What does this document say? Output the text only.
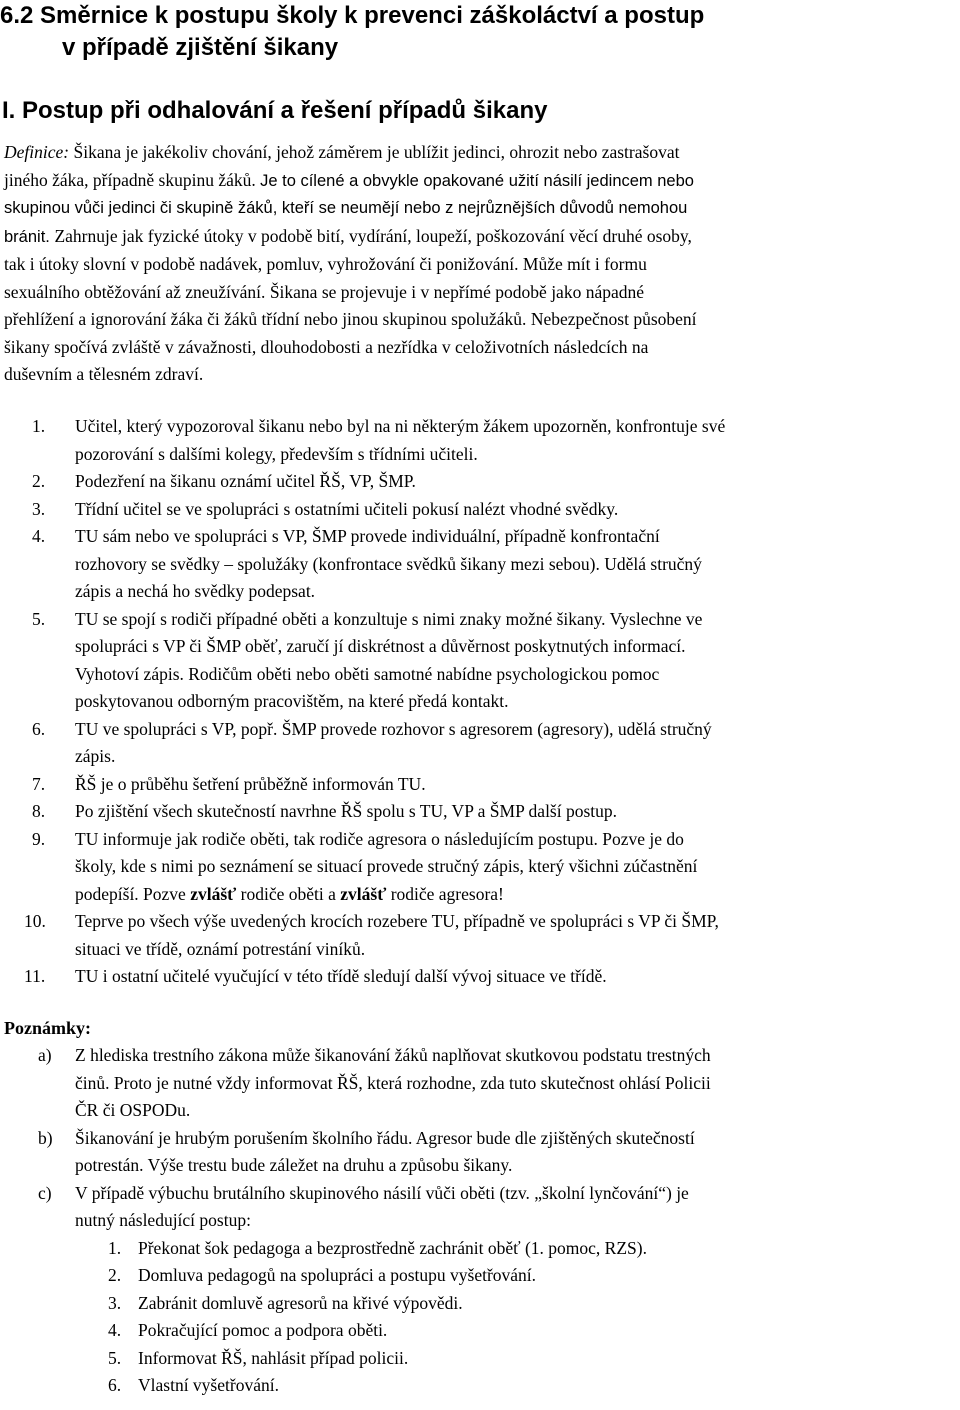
6.2 Směrnice k postupu školy k prevenci záškoláctví a postup
v případě zjištění šikany
I. Postup při odhalování a řešení případů šikany
Definice: Šikana je jakékoliv chování, jehož záměrem je ublížit jedinci, ohrozit nebo zastrašovat
jiného žáka, případně skupinu žáků. Je to cílené a obvykle opakované užití násilí jedincem nebo
skupinou vůči jedinci či skupině žáků, kteří se neumějí nebo z nejrůznějších důvodů nemohou
bránit. Zahrnuje jak fyzické útoky v podobě bití, vydírání, loupeží, poškozování věcí druhé osoby,
tak i útoky slovní v podobě nadávek, pomluv, vyhrožování či ponižování. Může mít i formu
sexuálního obtěžování až zneužívání. Šikana se projevuje i v nepřímé podobě jako nápadné
přehlížení a ignorování žáka či žáků třídní nebo jinou skupinou spolužáků. Nebezpečnost působení
šikany spočívá zvláště v závažnosti, dlouhodobosti a nezřídka v celoživotních následcích na
duševním a tělesném zdraví.
1. Učitel, který vypozoroval šikanu nebo byl na ni některým žákem upozorněn, konfrontuje své
pozorování s dalšími kolegy, především s třídními učiteli.
2. Podezření na šikanu oznámí učitel ŘŠ, VP, ŠMP.
3. Třídní učitel se ve spolupráci s ostatními učiteli pokusí nalézt vhodné svědky.
4. TU sám nebo ve spolupráci s VP, ŠMP provede individuální, případně konfrontační
rozhovory se svědky – spolužáky (konfrontace svědků šikany mezi sebou). Udělá stručný
zápis a nechá ho svědky podepsat.
5. TU se spojí s rodiči případné oběti a konzultuje s nimi znaky možné šikany. Vyslechne ve
spolupráci s VP či ŠMP oběť, zaručí jí diskrétnost a důvěrnost poskytnutých informací.
Vyhotoví zápis. Rodičům oběti nebo oběti samotné nabídne psychologickou pomoc
poskytovanou odborným pracovištěm, na které předá kontakt.
6. TU ve spolupráci s VP, popř. ŠMP provede rozhovor s agresorem (agresory), udělá stručný
zápis.
7. ŘŠ je o průběhu šetření průběžně informován TU.
8. Po zjištění všech skutečností navrhne ŘŠ spolu s TU, VP a ŠMP další postup.
9. TU informuje jak rodiče oběti, tak rodiče agresora o následujícím postupu. Pozve je do
školy, kde s nimi po seznámení se situací provede stručný zápis, který všichni zúčastnění
podepíší. Pozve zvlášť rodiče oběti a zvlášť rodiče agresora!
10. Teprve po všech výše uvedených krocích rozebere TU, případně ve spolupráci s VP či ŠMP,
situaci ve třídě, oznámí potrestání viníků.
11. TU i ostatní učitelé vyučující v této třídě sledují další vývoj situace ve třídě.
Poznámky:
a) Z hlediska trestního zákona může šikanování žáků naplňovat skutkovou podstatu trestných
činů. Proto je nutné vždy informovat ŘŠ, která rozhodne, zda tuto skutečnost ohlásí Policii
ČR či OSPODu.
b) Šikanování je hrubým porušením školního řádu. Agresor bude dle zjištěných skutečností
potrestán. Výše trestu bude záležet na druhu a způsobu šikany.
c) V případě výbuchu brutálního skupinového násilí vůči oběti (tzv. „školní lynčování“) je
nutný následující postup:
1. Překonat šok pedagoga a bezprostředně zachránit oběť (1. pomoc, RZS).
2. Domluva pedagogů na spolupráci a postupu vyšetřování.
3. Zabránit domluvě agresorů na křivé výpovědi.
4. Pokračující pomoc a podpora oběti.
5. Informovat ŘŠ, nahlásit případ policii.
6. Vlastní vyšetřování.
